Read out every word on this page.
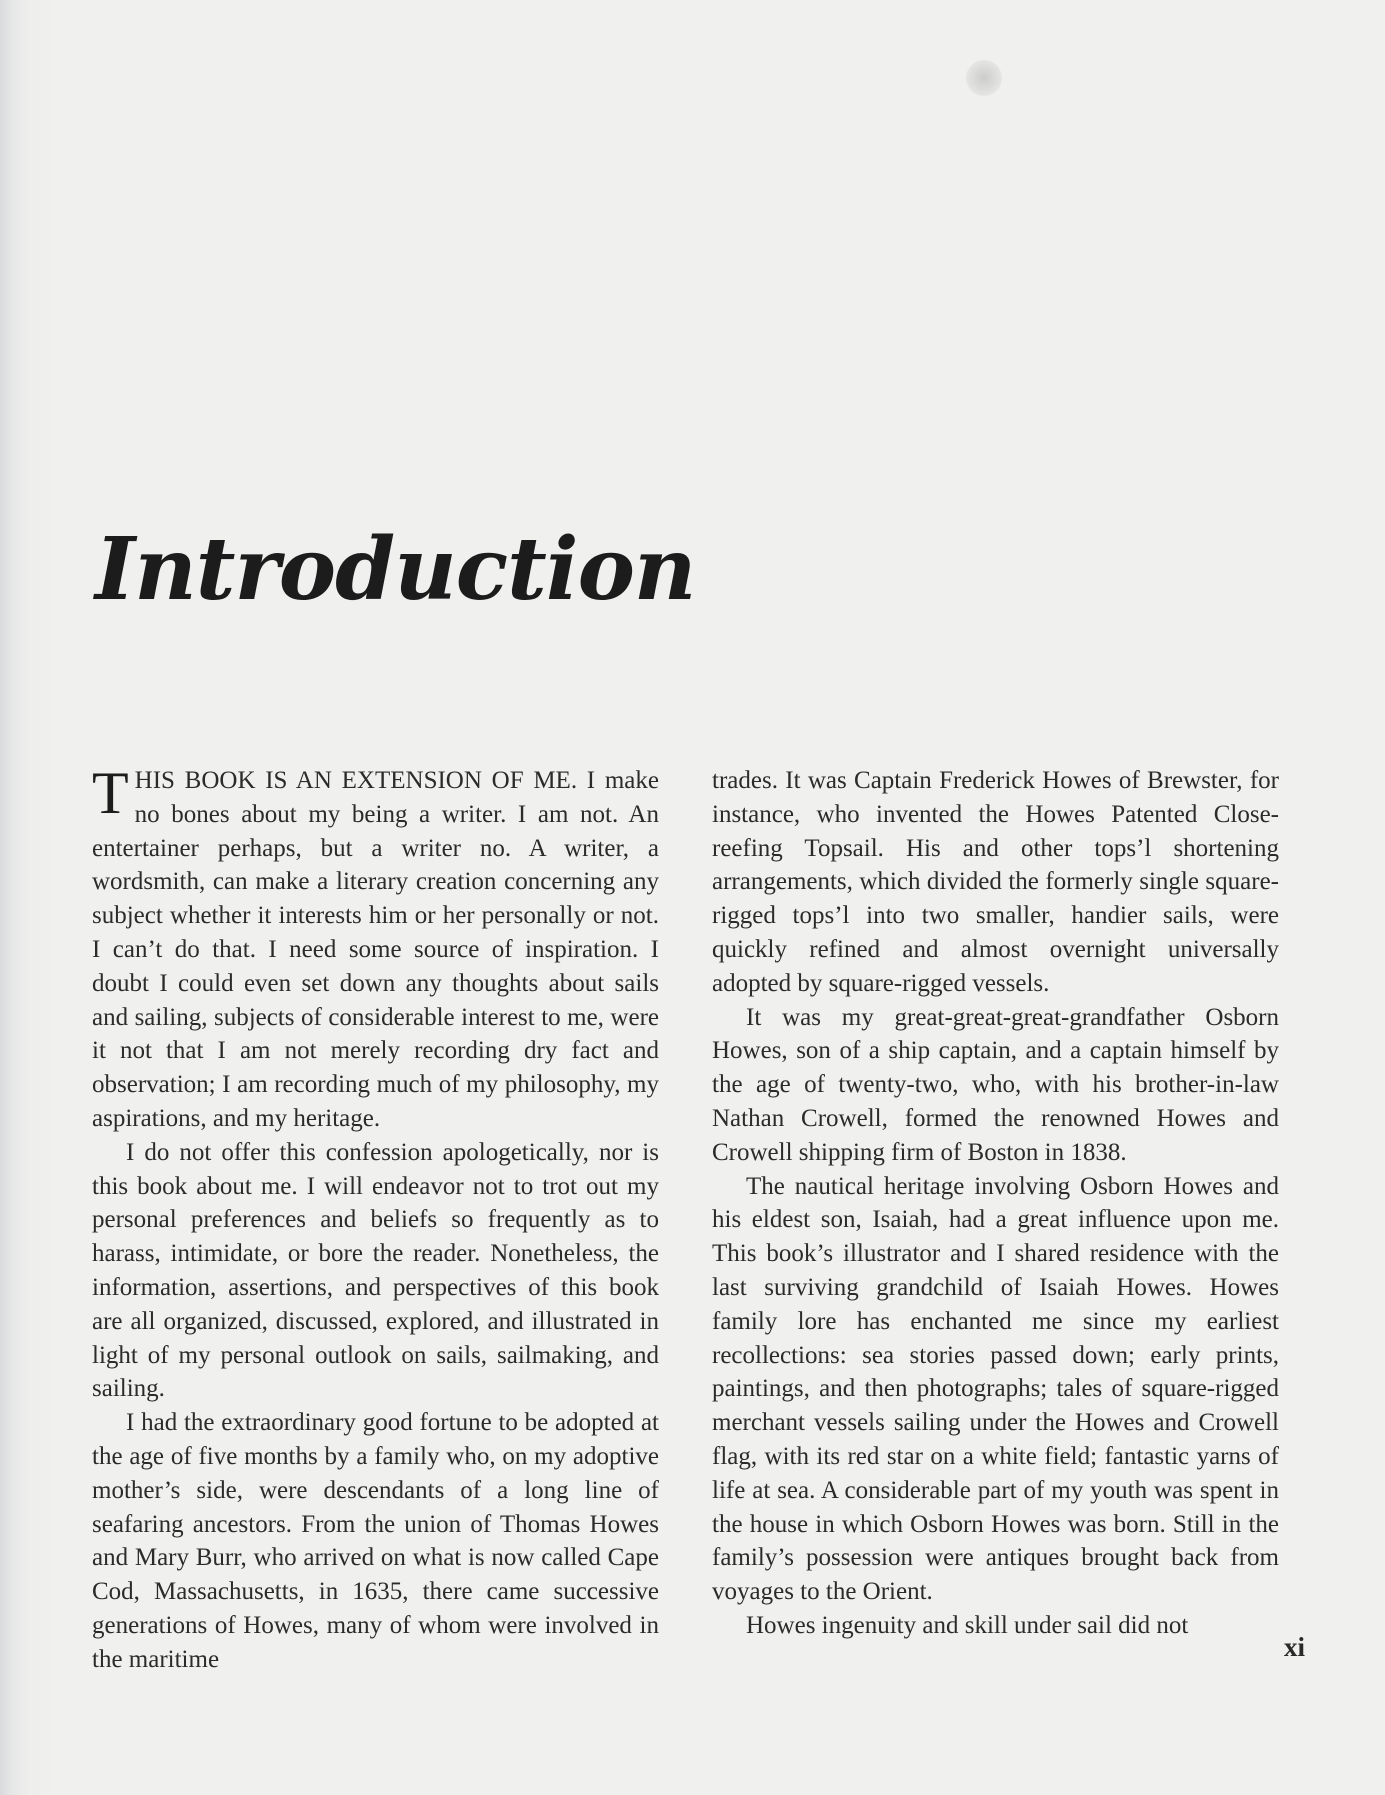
Introduction

THIS BOOK IS AN EXTENSION OF ME. I make no bones about my being a writer. I am not. An entertainer perhaps, but a writer no. A writer, a wordsmith, can make a literary creation concerning any subject whether it interests him or her personally or not. I can’t do that. I need some source of inspiration. I doubt I could even set down any thoughts about sails and sailing, subjects of considerable interest to me, were it not that I am not merely recording dry fact and observation; I am recording much of my philosophy, my aspirations, and my heritage.

I do not offer this confession apologetically, nor is this book about me. I will endeavor not to trot out my personal preferences and beliefs so frequently as to harass, intimidate, or bore the reader. Nonetheless, the information, assertions, and perspectives of this book are all organized, discussed, explored, and illustrated in light of my personal outlook on sails, sailmaking, and sailing.

I had the extraordinary good fortune to be adopted at the age of five months by a family who, on my adoptive mother’s side, were descendants of a long line of seafaring ancestors. From the union of Thomas Howes and Mary Burr, who arrived on what is now called Cape Cod, Massachusetts, in 1635, there came successive generations of Howes, many of whom were involved in the maritime

trades. It was Captain Frederick Howes of Brewster, for instance, who invented the Howes Patented Close-reefing Topsail. His and other tops’l shortening arrangements, which divided the formerly single square-rigged tops’l into two smaller, handier sails, were quickly refined and almost overnight universally adopted by square-rigged vessels.

It was my great-great-great-grandfather Osborn Howes, son of a ship captain, and a captain himself by the age of twenty-two, who, with his brother-in-law Nathan Crowell, formed the renowned Howes and Crowell shipping firm of Boston in 1838.

The nautical heritage involving Osborn Howes and his eldest son, Isaiah, had a great influence upon me. This book’s illustrator and I shared residence with the last surviving grandchild of Isaiah Howes. Howes family lore has enchanted me since my earliest recollections: sea stories passed down; early prints, paintings, and then photographs; tales of square-rigged merchant vessels sailing under the Howes and Crowell flag, with its red star on a white field; fantastic yarns of life at sea. A considerable part of my youth was spent in the house in which Osborn Howes was born. Still in the family’s possession were antiques brought back from voyages to the Orient.

Howes ingenuity and skill under sail did not

xi
